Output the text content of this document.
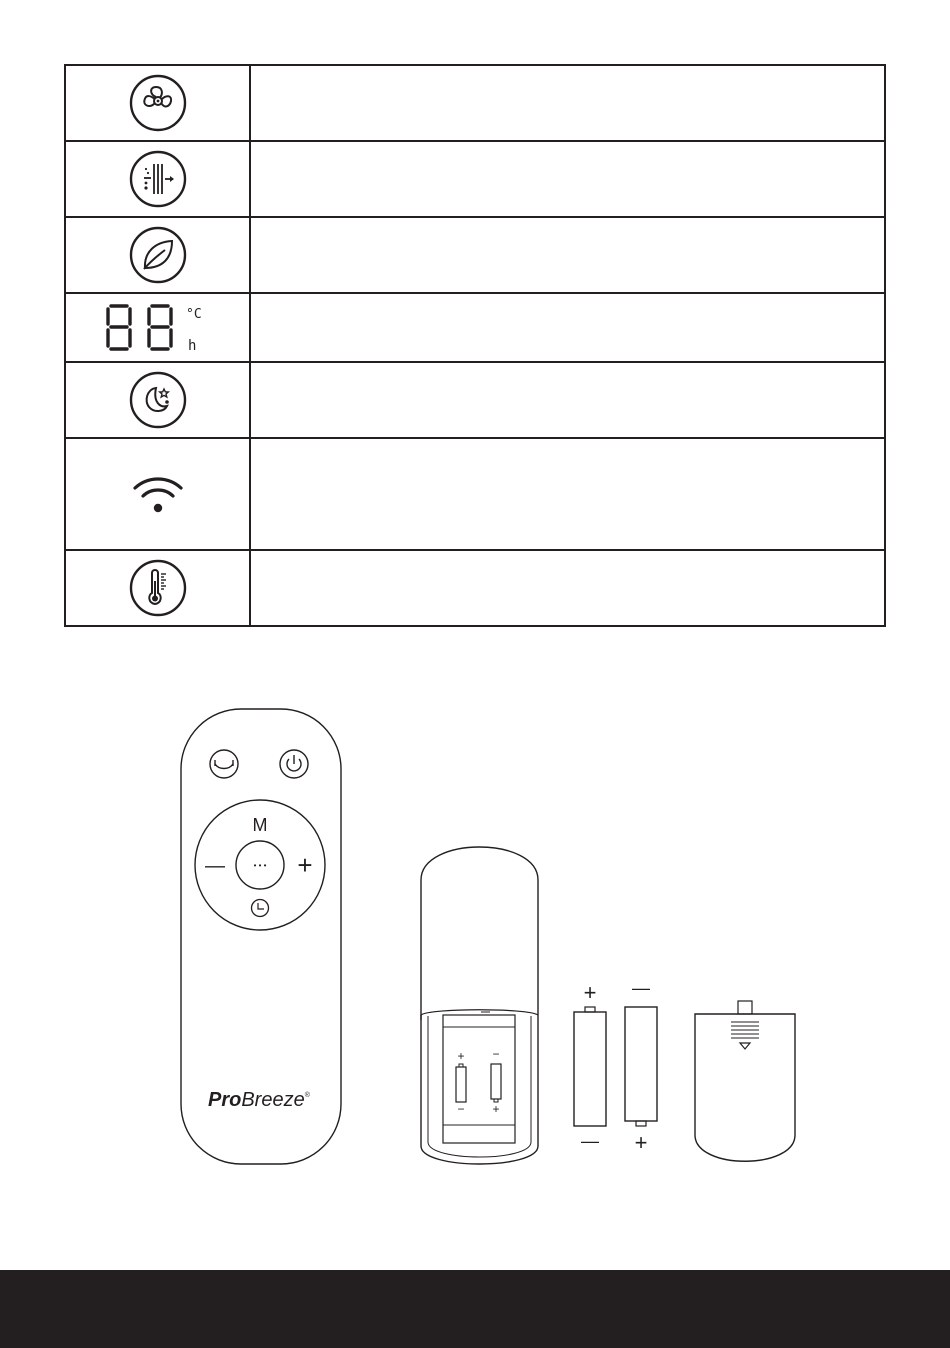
°C
h	

M
—	+
• • •
ProBreeze®
+
−
−
+
+
—
—
+
